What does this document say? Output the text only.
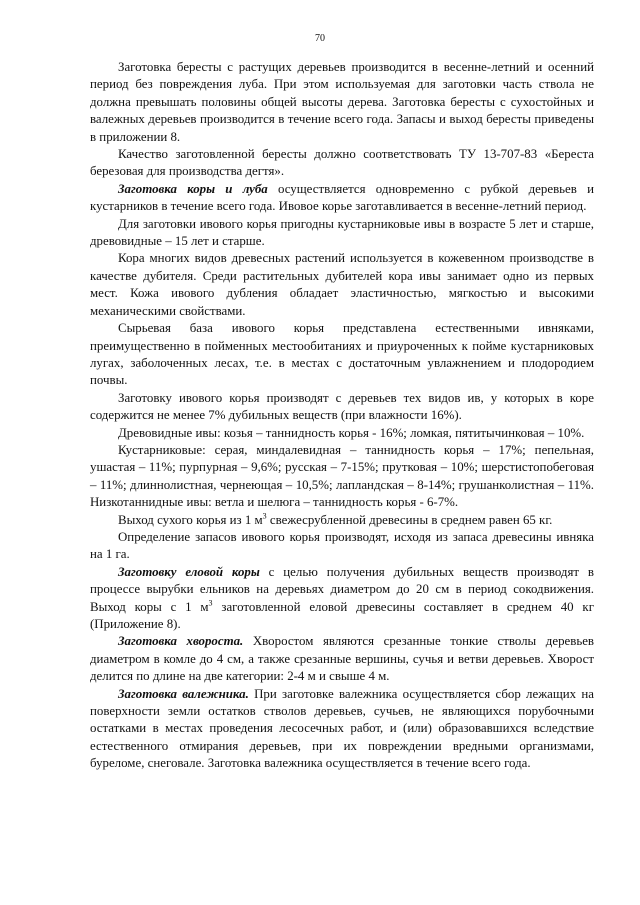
70

Заготовка бересты с растущих деревьев производится в весенне-летний и осенний период без повреждения луба. При этом используемая для заготовки часть ствола не должна превышать половины общей высоты дерева. Заготовка бересты с сухостойных и валежных деревьев производится в течение всего года. Запасы и выход бересты приведены в приложении 8.

Качество заготовленной бересты должно соответствовать ТУ 13-707-83 «Береста березовая для производства дегтя».

Заготовка коры и луба осуществляется одновременно с рубкой деревьев и кустарников в течение всего года. Ивовое корье заготавливается в весенне-летний период.

Для заготовки ивового корья пригодны кустарниковые ивы в возрасте 5 лет и старше, древовидные – 15 лет и старше.

Кора многих видов древесных растений используется в кожевенном производстве в качестве дубителя. Среди растительных дубителей кора ивы занимает одно из первых мест. Кожа ивового дубления обладает эластичностью, мягкостью и высокими механическими свойствами.

Сырьевая база ивового корья представлена естественными ивняками, преимущественно в пойменных местообитаниях и приуроченных к пойме кустарниковых лугах, заболоченных лесах, т.е. в местах с достаточным увлажнением и плодородием почвы.

Заготовку ивового корья производят с деревьев тех видов ив, у которых в коре содержится не менее 7% дубильных веществ (при влажности 16%).

Древовидные ивы: козья – таннидность корья - 16%; ломкая, пятитычинковая – 10%.

Кустарниковые: серая, миндалевидная – таннидность корья – 17%; пепельная, ушастая – 11%; пурпурная – 9,6%; русская – 7-15%; прутковая – 10%; шерстистопобеговая – 11%; длиннолистная, чернеющая – 10,5%; лапландская – 8-14%; грушанколистная – 11%. Низкотаннидные ивы: ветла и шелюга – таннидность корья - 6-7%.

Выход сухого корья из 1 $м^3$ свежесрубленной древесины в среднем равен 65 кг.

Определение запасов ивового корья производят, исходя из запаса древесины ивняка на 1 га.

Заготовку еловой коры с целью получения дубильных веществ производят в процессе вырубки ельников на деревьях диаметром до 20 см в период сокодвижения. Выход коры с 1 $м^3$ заготовленной еловой древесины составляет в среднем 40 кг (Приложение 8).

Заготовка хвороста. Хворостом являются срезанные тонкие стволы деревьев диаметром в комле до 4 см, а также срезанные вершины, сучья и ветви деревьев. Хворост делится по длине на две категории: 2-4 м и свыше 4 м.

Заготовка валежника. При заготовке валежника осуществляется сбор лежащих на поверхности земли остатков стволов деревьев, сучьев, не являющихся порубочными остатками в местах проведения лесосечных работ, и (или) образовавшихся вследствие естественного отмирания деревьев, при их повреждении вредными организмами, буреломе, снеговале. Заготовка валежника осуществляется в течение всего года.
